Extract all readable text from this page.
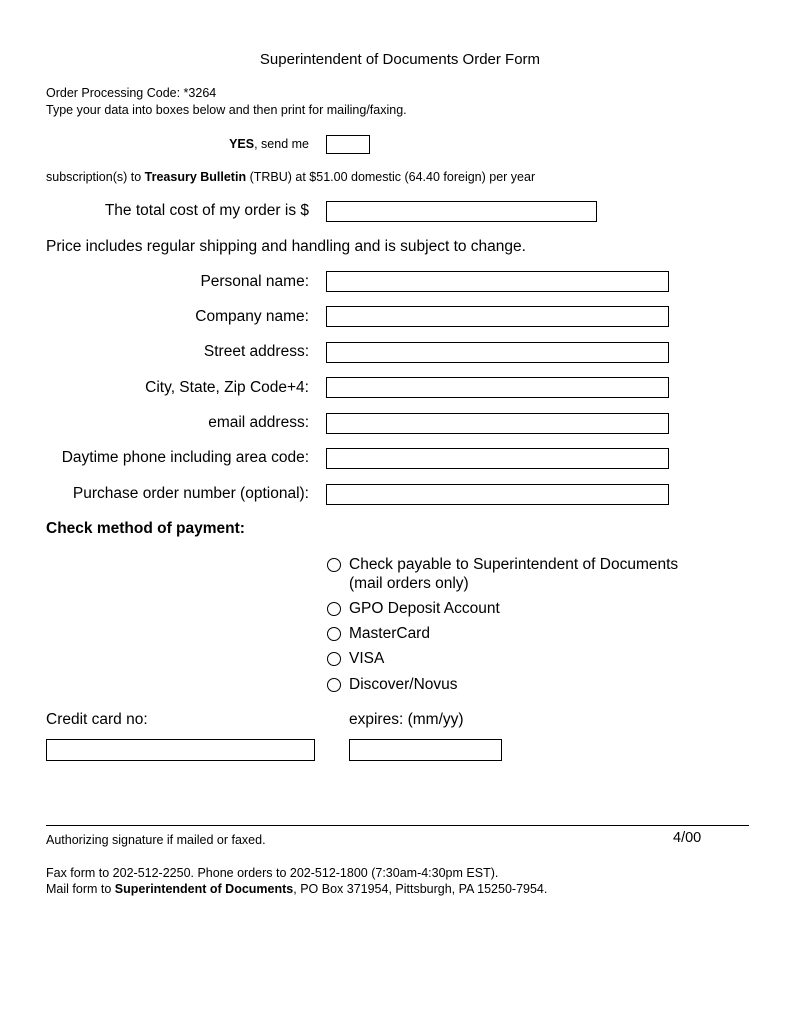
Superintendent of Documents Order Form
Order Processing Code: *3264
Type your data into boxes below and then print for mailing/faxing.
YES, send me
subscription(s) to Treasury Bulletin (TRBU) at $51.00 domestic (64.40 foreign) per year
The total cost of my order is $
Price includes regular shipping and handling and is subject to change.
Personal name:
Company name:
Street address:
City, State, Zip Code+4:
email address:
Daytime phone including area code:
Purchase order number (optional):
Check method of payment:
Check payable to Superintendent of Documents
(mail orders only)
GPO Deposit Account
MasterCard
VISA
Discover/Novus
Credit card no:	expires: (mm/yy)
Authorizing signature if mailed or faxed.	4/00
Fax form to 202-512-2250. Phone orders to 202-512-1800 (7:30am-4:30pm EST).
Mail form to Superintendent of Documents, PO Box 371954, Pittsburgh, PA 15250-7954.
